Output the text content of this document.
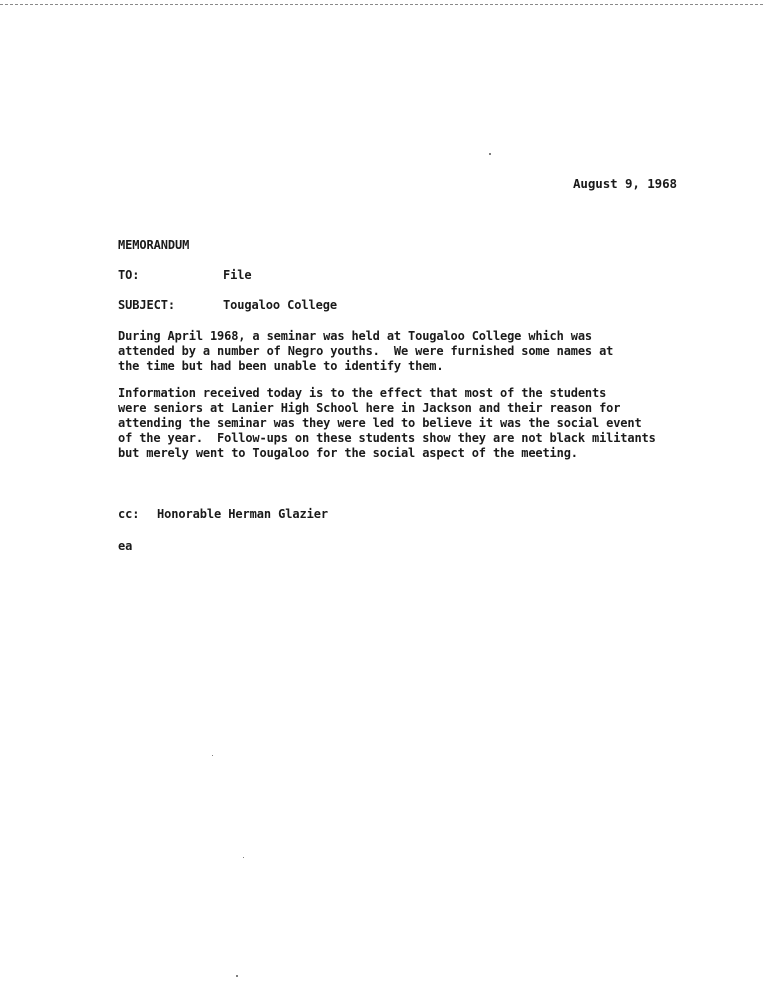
August 9, 1968
MEMORANDUM
TO:	File
SUBJECT:	Tougaloo College
During April 1968, a seminar was held at Tougaloo College which was
attended by a number of Negro youths.  We were furnished some names at
the time but had been unable to identify them.
Information received today is to the effect that most of the students
were seniors at Lanier High School here in Jackson and their reason for
attending the seminar was they were led to believe it was the social event
of the year.  Follow-ups on these students show they are not black militants
but merely went to Tougaloo for the social aspect of the meeting.
cc: Honorable Herman Glazier
ea
